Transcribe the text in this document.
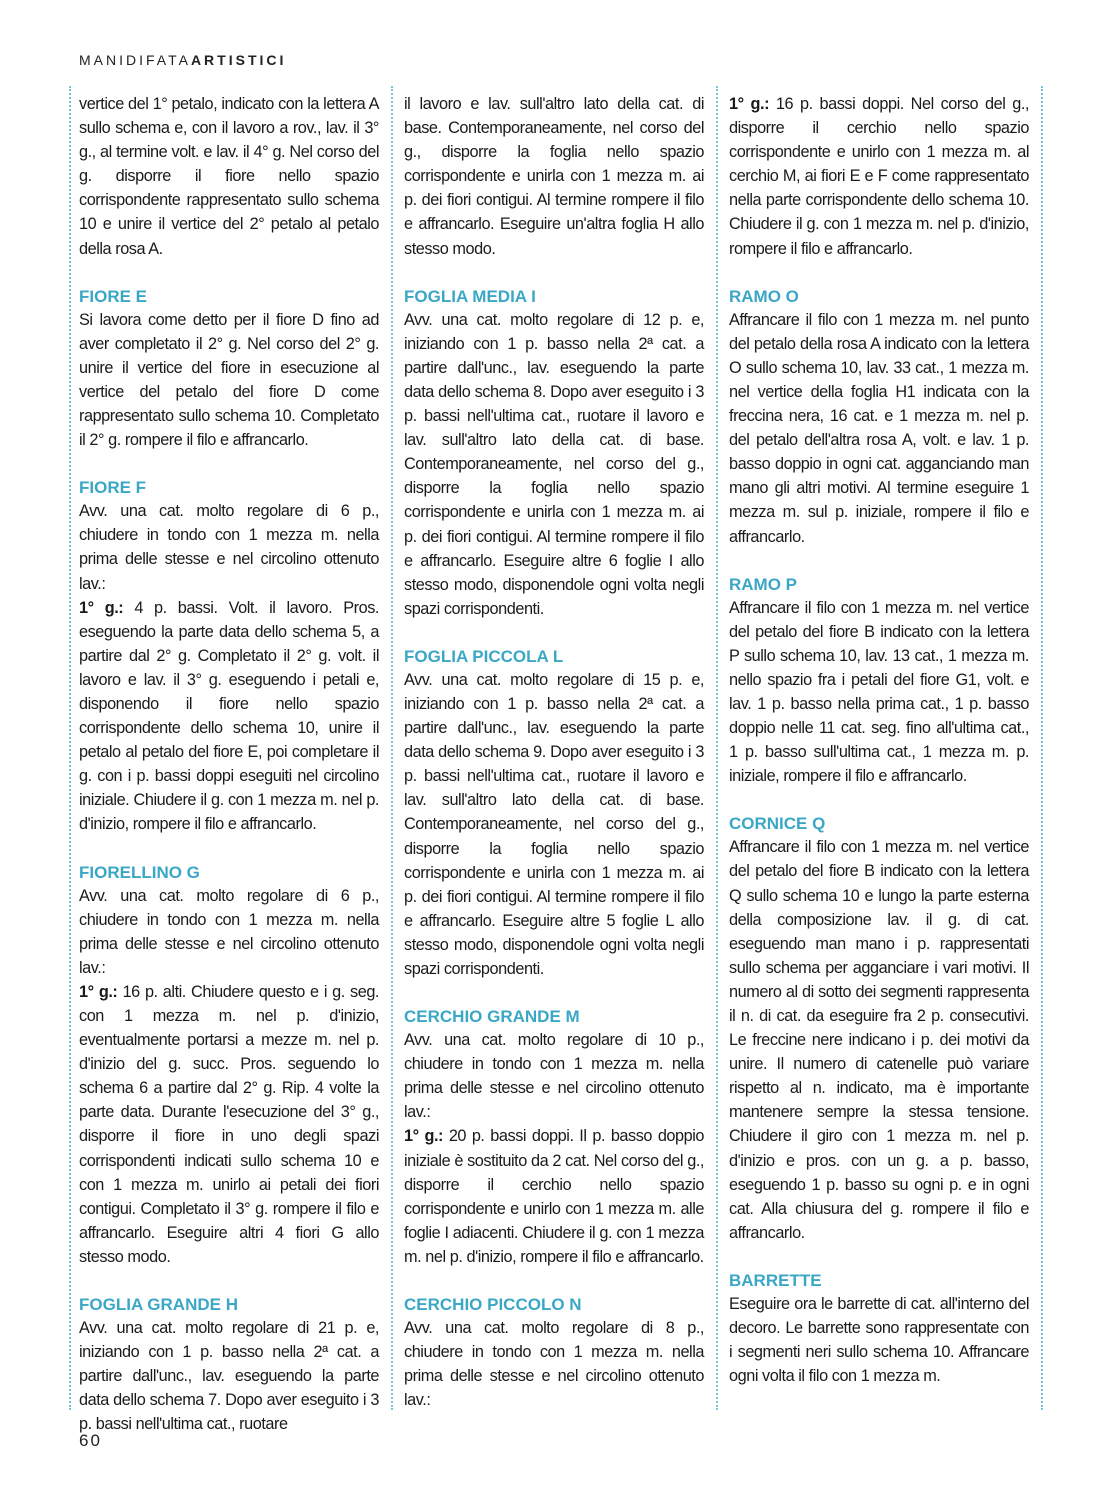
MANIDIFATAARTISTICI

vertice del 1° petalo, indicato con la lettera A sullo schema e, con il lavoro a rov., lav. il 3° g., al termine volt. e lav. il 4° g. Nel corso del g. disporre il fiore nello spazio corrispondente rappresentato sullo schema 10 e unire il vertice del 2° petalo al petalo della rosa A.

FIORE E

Si lavora come detto per il fiore D fino ad aver completato il 2° g. Nel corso del 2° g. unire il vertice del fiore in esecuzione al vertice del petalo del fiore D come rappresentato sullo schema 10. Completato il 2° g. rompere il filo e affrancarlo.

FIORE F

Avv. una cat. molto regolare di 6 p., chiudere in tondo con 1 mezza m. nella prima delle stesse e nel circolino ottenuto lav.:
1° g.: 4 p. bassi. Volt. il lavoro. Pros. eseguendo la parte data dello schema 5, a partire dal 2° g. Completato il 2° g. volt. il lavoro e lav. il 3° g. eseguendo i petali e, disponendo il fiore nello spazio corrispondente dello schema 10, unire il petalo al petalo del fiore E, poi completare il g. con i p. bassi doppi eseguiti nel circolino iniziale. Chiudere il g. con 1 mezza m. nel p. d'inizio, rompere il filo e affrancarlo.

FIORELLINO G

Avv. una cat. molto regolare di 6 p., chiudere in tondo con 1 mezza m. nella prima delle stesse e nel circolino ottenuto lav.:
1° g.: 16 p. alti. Chiudere questo e i g. seg. con 1 mezza m. nel p. d'inizio, eventualmente portarsi a mezze m. nel p. d'inizio del g. succ. Pros. seguendo lo schema 6 a partire dal 2° g. Rip. 4 volte la parte data. Durante l'esecuzione del 3° g., disporre il fiore in uno degli spazi corrispondenti indicati sullo schema 10 e con 1 mezza m. unirlo ai petali dei fiori contigui. Completato il 3° g. rompere il filo e affrancarlo. Eseguire altri 4 fiori G allo stesso modo.

FOGLIA GRANDE H

Avv. una cat. molto regolare di 21 p. e, iniziando con 1 p. basso nella 2ª cat. a partire dall'unc., lav. eseguendo la parte data dello schema 7. Dopo aver eseguito i 3 p. bassi nell'ultima cat., ruotare

il lavoro e lav. sull'altro lato della cat. di base. Contemporaneamente, nel corso del g., disporre la foglia nello spazio corrispondente e unirla con 1 mezza m. ai p. dei fiori contigui. Al termine rompere il filo e affrancarlo. Eseguire un'altra foglia H allo stesso modo.

FOGLIA MEDIA I

Avv. una cat. molto regolare di 12 p. e, iniziando con 1 p. basso nella 2ª cat. a partire dall'unc., lav. eseguendo la parte data dello schema 8. Dopo aver eseguito i 3 p. bassi nell'ultima cat., ruotare il lavoro e lav. sull'altro lato della cat. di base. Contemporaneamente, nel corso del g., disporre la foglia nello spazio corrispondente e unirla con 1 mezza m. ai p. dei fiori contigui. Al termine rompere il filo e affrancarlo. Eseguire altre 6 foglie I allo stesso modo, disponendole ogni volta negli spazi corrispondenti.

FOGLIA PICCOLA L

Avv. una cat. molto regolare di 15 p. e, iniziando con 1 p. basso nella 2ª cat. a partire dall'unc., lav. eseguendo la parte data dello schema 9. Dopo aver eseguito i 3 p. bassi nell'ultima cat., ruotare il lavoro e lav. sull'altro lato della cat. di base. Contemporaneamente, nel corso del g., disporre la foglia nello spazio corrispondente e unirla con 1 mezza m. ai p. dei fiori contigui. Al termine rompere il filo e affrancarlo. Eseguire altre 5 foglie L allo stesso modo, disponendole ogni volta negli spazi corrispondenti.

CERCHIO GRANDE M

Avv. una cat. molto regolare di 10 p., chiudere in tondo con 1 mezza m. nella prima delle stesse e nel circolino ottenuto lav.:
1° g.: 20 p. bassi doppi. Il p. basso doppio iniziale è sostituito da 2 cat. Nel corso del g., disporre il cerchio nello spazio corrispondente e unirlo con 1 mezza m. alle foglie I adiacenti. Chiudere il g. con 1 mezza m. nel p. d'inizio, rompere il filo e affrancarlo.

CERCHIO PICCOLO N

Avv. una cat. molto regolare di 8 p., chiudere in tondo con 1 mezza m. nella prima delle stesse e nel circolino ottenuto lav.:

1° g.: 16 p. bassi doppi. Nel corso del g., disporre il cerchio nello spazio corrispondente e unirlo con 1 mezza m. al cerchio M, ai fiori E e F come rappresentato nella parte corrispondente dello schema 10. Chiudere il g. con 1 mezza m. nel p. d'inizio, rompere il filo e affrancarlo.

RAMO O

Affrancare il filo con 1 mezza m. nel punto del petalo della rosa A indicato con la lettera O sullo schema 10, lav. 33 cat., 1 mezza m. nel vertice della foglia H1 indicata con la freccina nera, 16 cat. e 1 mezza m. nel p. del petalo dell'altra rosa A, volt. e lav. 1 p. basso doppio in ogni cat. agganciando man mano gli altri motivi. Al termine eseguire 1 mezza m. sul p. iniziale, rompere il filo e affrancarlo.

RAMO P

Affrancare il filo con 1 mezza m. nel vertice del petalo del fiore B indicato con la lettera P sullo schema 10, lav. 13 cat., 1 mezza m. nello spazio fra i petali del fiore G1, volt. e lav. 1 p. basso nella prima cat., 1 p. basso doppio nelle 11 cat. seg. fino all'ultima cat., 1 p. basso sull'ultima cat., 1 mezza m. p. iniziale, rompere il filo e affrancarlo.

CORNICE Q

Affrancare il filo con 1 mezza m. nel vertice del petalo del fiore B indicato con la lettera Q sullo schema 10 e lungo la parte esterna della composizione lav. il g. di cat. eseguendo man mano i p. rappresentati sullo schema per agganciare i vari motivi. Il numero al di sotto dei segmenti rappresenta il n. di cat. da eseguire fra 2 p. consecutivi. Le freccine nere indicano i p. dei motivi da unire. Il numero di catenelle può variare rispetto al n. indicato, ma è importante mantenere sempre la stessa tensione. Chiudere il giro con 1 mezza m. nel p. d'inizio e pros. con un g. a p. basso, eseguendo 1 p. basso su ogni p. e in ogni cat. Alla chiusura del g. rompere il filo e affrancarlo.

BARRETTE

Eseguire ora le barrette di cat. all'interno del decoro. Le barrette sono rappresentate con i segmenti neri sullo schema 10. Affrancare ogni volta il filo con 1 mezza m.

60
